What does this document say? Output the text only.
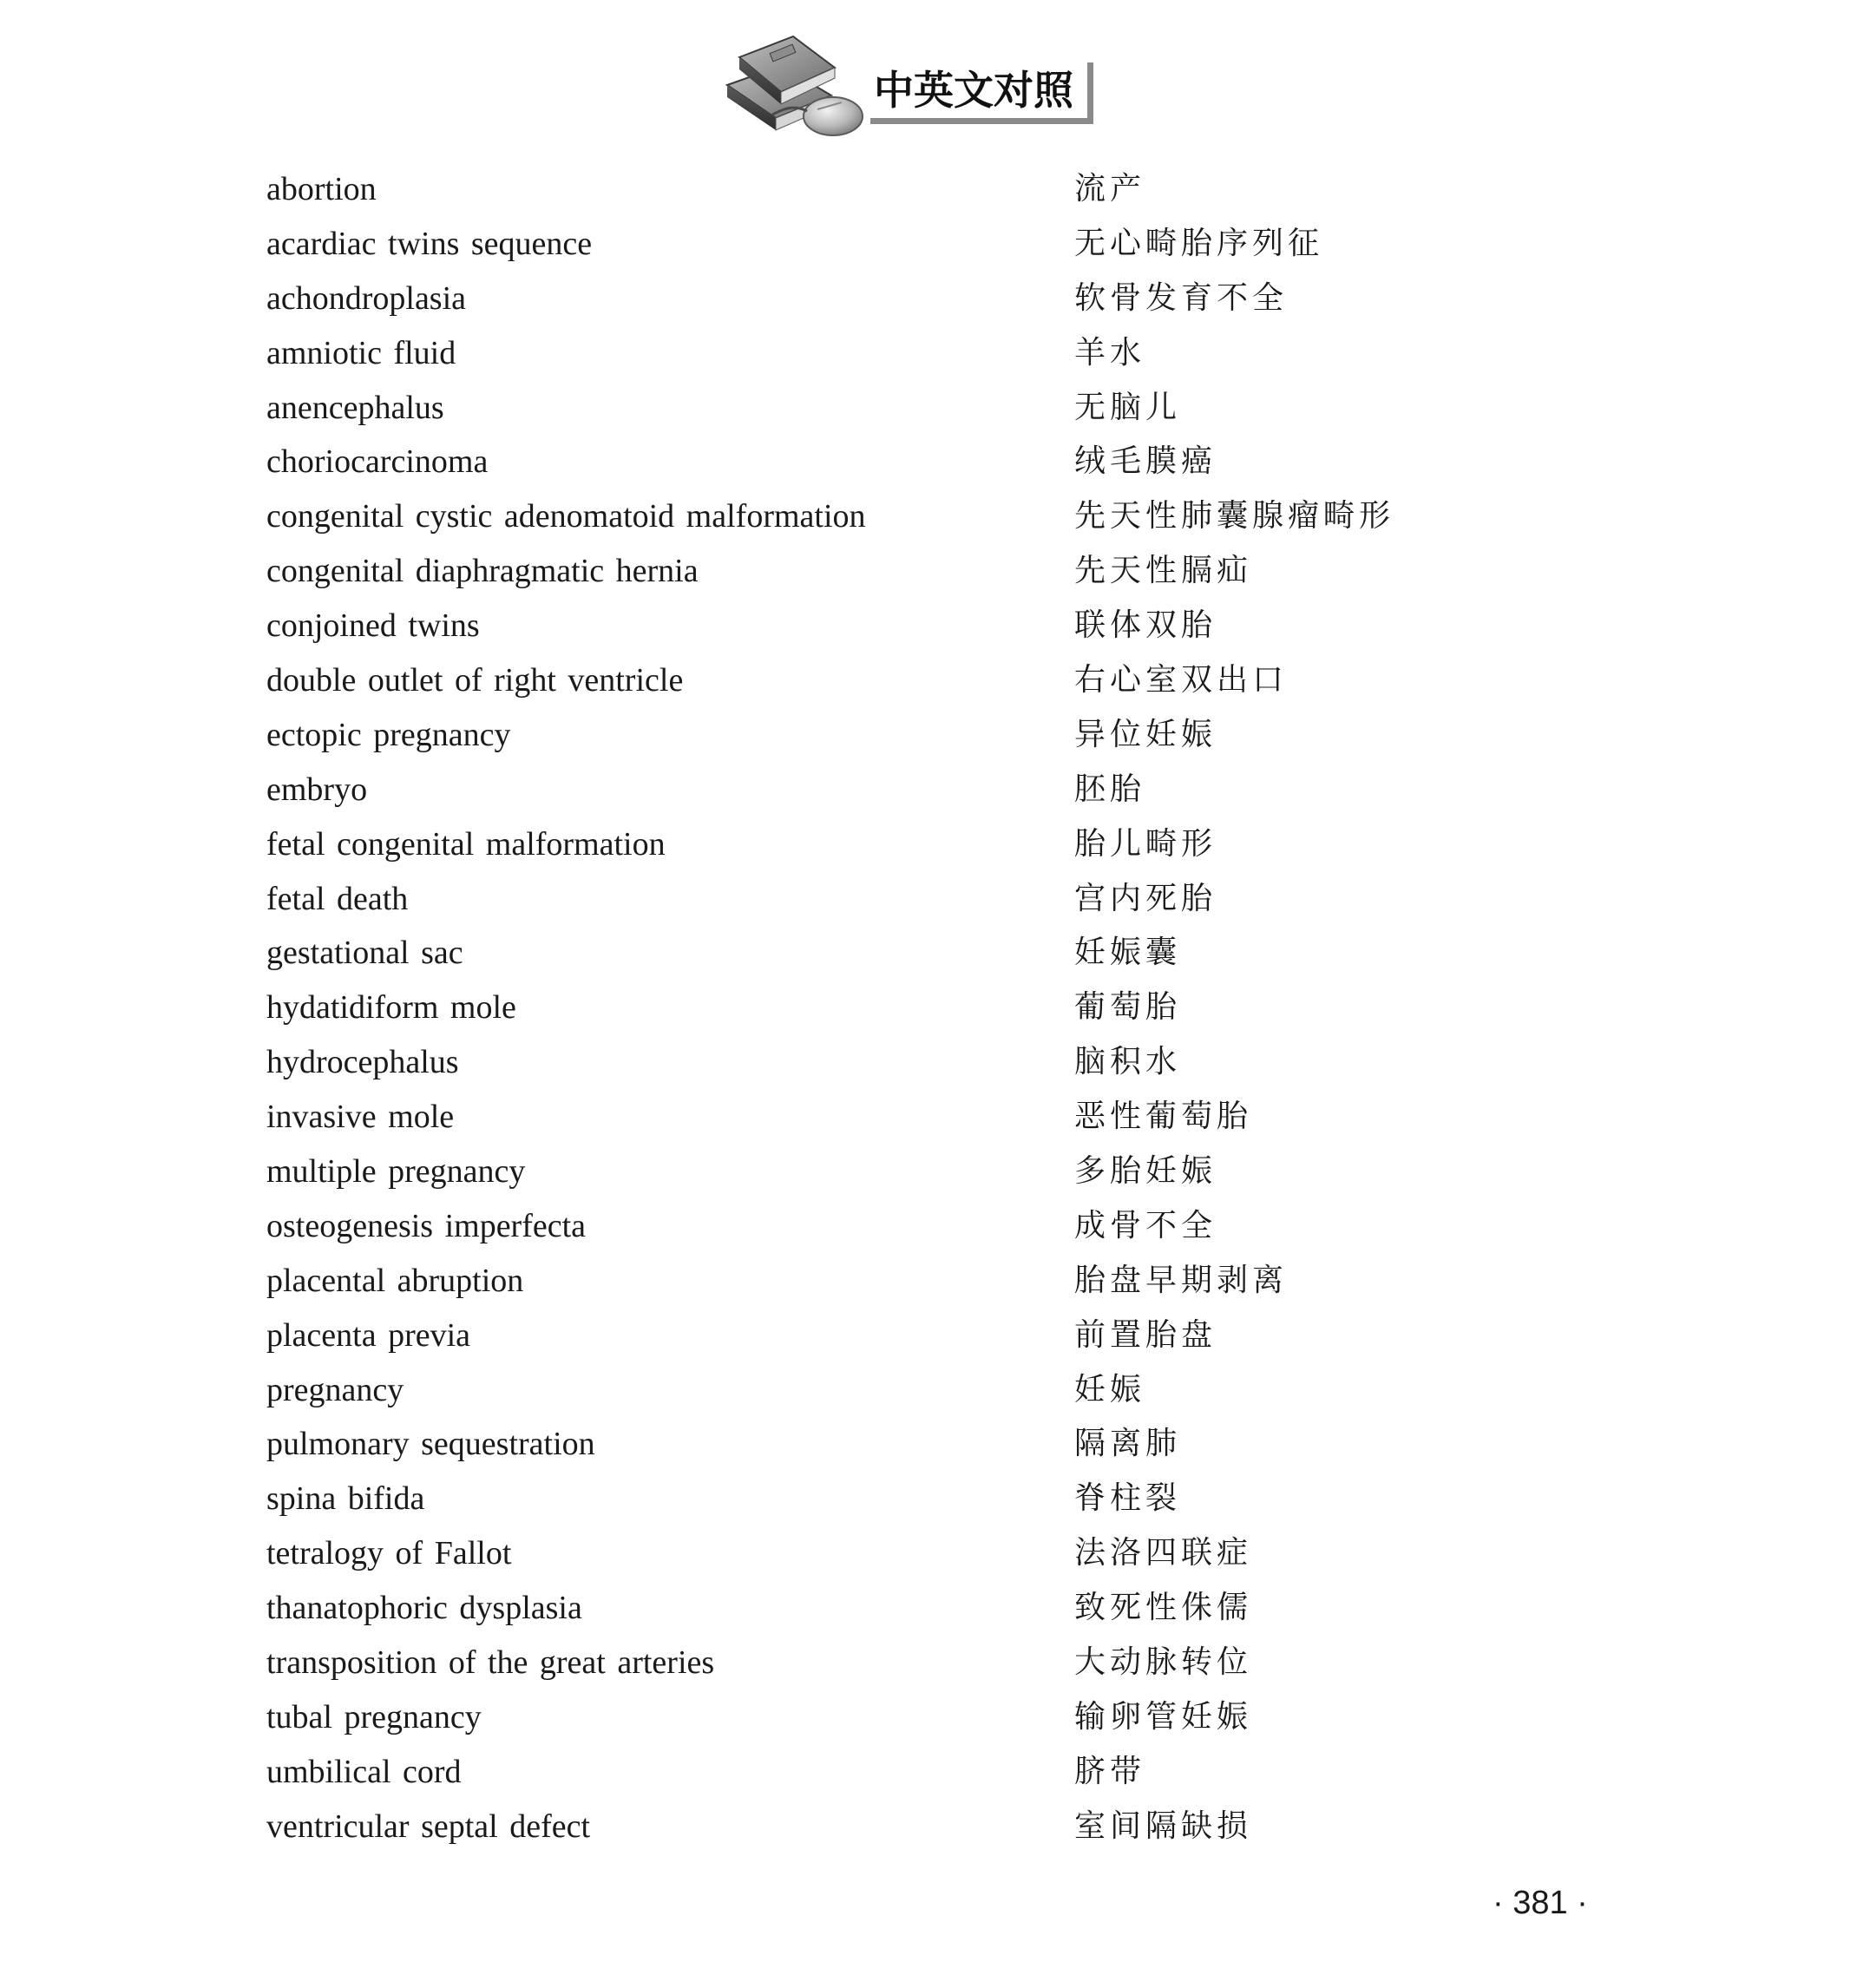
中英文对照
abortion	流产
acardiac twins sequence	无心畸胎序列征
achondroplasia	软骨发育不全
amniotic fluid	羊水
anencephalus	无脑儿
choriocarcinoma	绒毛膜癌
congenital cystic adenomatoid malformation	先天性肺囊腺瘤畸形
congenital diaphragmatic hernia	先天性膈疝
conjoined twins	联体双胎
double outlet of right ventricle	右心室双出口
ectopic pregnancy	异位妊娠
embryo	胚胎
fetal congenital malformation	胎儿畸形
fetal death	宫内死胎
gestational sac	妊娠囊
hydatidiform mole	葡萄胎
hydrocephalus	脑积水
invasive mole	恶性葡萄胎
multiple pregnancy	多胎妊娠
osteogenesis imperfecta	成骨不全
placental abruption	胎盘早期剥离
placenta previa	前置胎盘
pregnancy	妊娠
pulmonary sequestration	隔离肺
spina bifida	脊柱裂
tetralogy of Fallot	法洛四联症
thanatophoric dysplasia	致死性侏儒
transposition of the great arteries	大动脉转位
tubal pregnancy	输卵管妊娠
umbilical cord	脐带
ventricular septal defect	室间隔缺损
· 381 ·
